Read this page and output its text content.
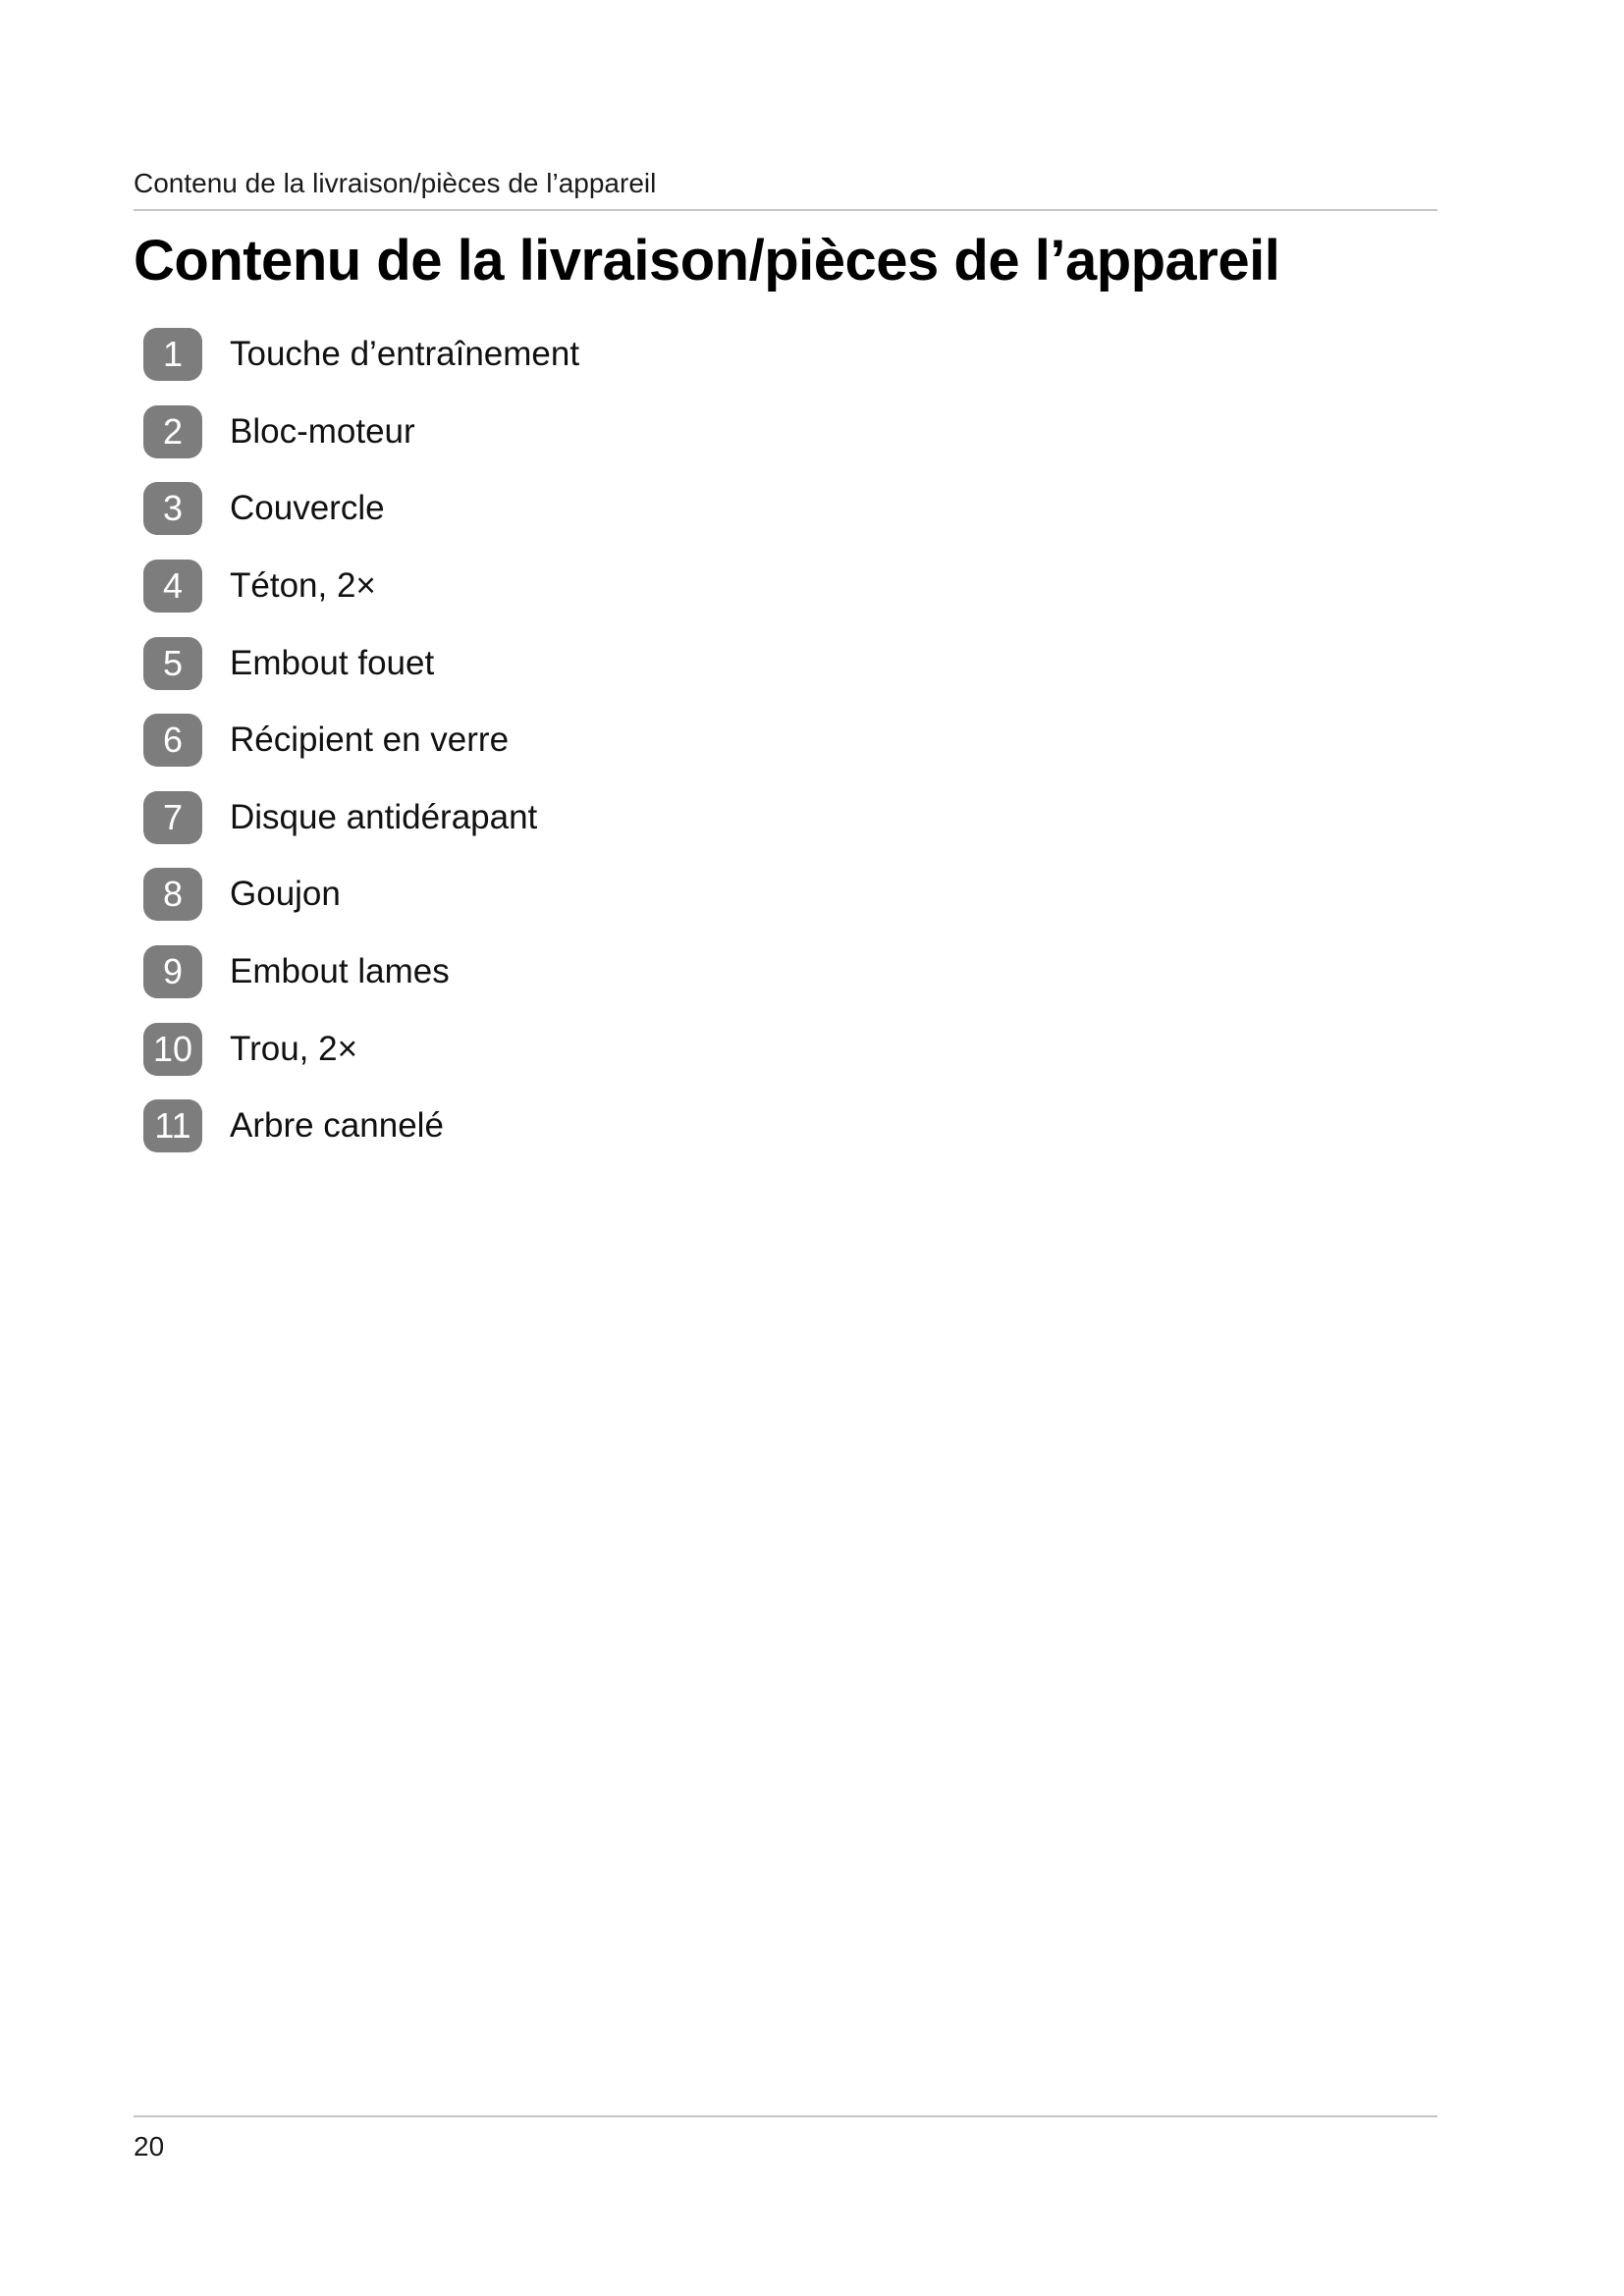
Contenu de la livraison/pièces de l’appareil
Contenu de la livraison/pièces de l’appareil
1	Touche d’entraînement
2	Bloc-moteur
3	Couvercle
4	Téton, 2×
5	Embout fouet
6	Récipient en verre
7	Disque antidérapant
8	Goujon
9	Embout lames
10 Trou, 2×
11	Arbre cannelé
20
